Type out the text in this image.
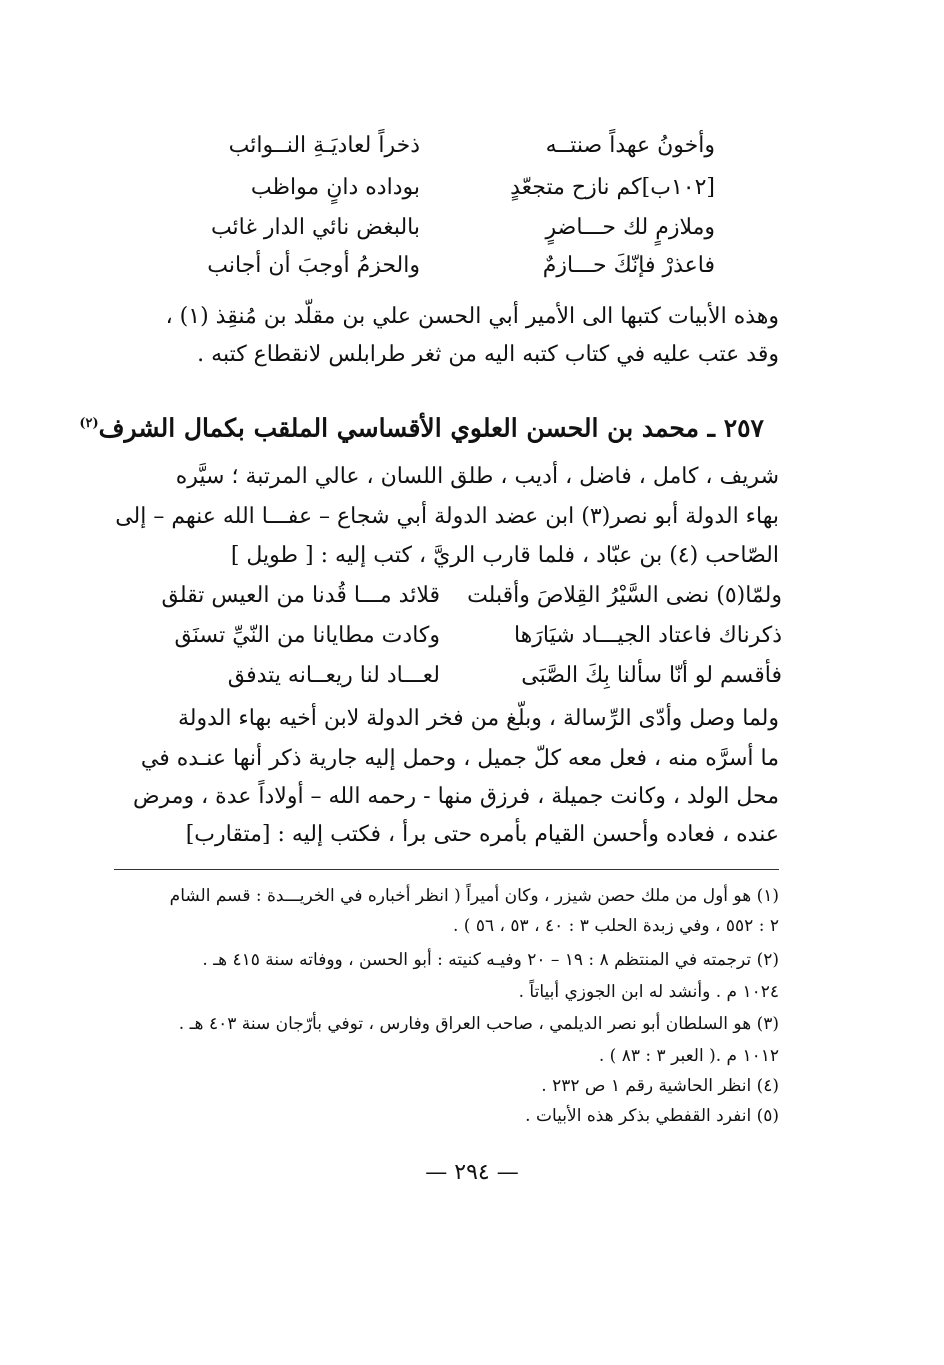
وأخونُ عهداً صنتــه
ذخراً لعاديَـةِ النــوائب
[١٠٢ب]كم نازح متجعّدٍ
بوداده دانٍ مواظب
وملازمٍ لك حـــاضرٍ
بالبغض نائي الدار غائب
فاعذرْ فإنّكَ حـــازمٌ
والحزمُ أوجبَ أن أجانب
وهذه الأبيات كتبها الى الأمير أبي الحسن علي بن مقلّد بن مُنقِذ (١) ،
وقد عتب عليه في كتاب كتبه اليه من ثغر طرابلس لانقطاع كتبه .
٢٥٧ ـ محمد بن الحسن العلوي الأقساسي الملقب بكمال الشرف$^{(٢)}$
شريف ، كامل ، فاضل ، أديب ، طلق اللسان ، عالي المرتبة ؛ سيَّره
بهاء الدولة أبو نصر(٣) ابن عضد الدولة أبي شجاع – عفـــا الله عنهم – إلى
الصّاحب (٤) بن عبّاد ، فلما قارب الريَّ ، كتب إليه : [ طويل ]
ولمّا(٥) نضى السَّيْرُ القِلاصَ وأقبلت
قلائد مـــا قُدنا من العيس تقلق
ذكرناك فاعتاد الجيـــاد شيَارَها
وكادت مطايانا من النّيِّ تسنَق
فأقسم لو أنّا سألنا بِكَ الصَّبَى
لعـــاد لنا ريعــانه يتدفق
ولما وصل وأدّى الرِّسالة ، وبلّغ من فخر الدولة لابن أخيه بهاء الدولة
ما أسرَّه منه ، فعل معه كلّ جميل ، وحمل إليه جارية ذكر أنها عنـده في
محل الولد ، وكانت جميلة ، فرزق منها - رحمه الله – أولاداً عدة ، ومرض
عنده ، فعاده وأحسن القيام بأمره حتى برأ ، فكتب إليه : [متقارب]
(١) هو أول من ملك حصن شيزر ، وكان أميراً ( انظر أخباره في الخريـــدة : قسم الشام
٢ : ٥٥٢ ، وفي زبدة الحلب ٣ : ٤٠ ، ٥٣ ، ٥٦ ) .
(٢) ترجمته في المنتظم ٨ : ١٩ – ٢٠ وفيـه كنيته : أبو الحسن ، ووفاته سنة ٤١٥ هـ .
١٠٢٤ م . وأنشد له ابن الجوزي أبياتاً .
(٣) هو السلطان أبو نصر الديلمي ، صاحب العراق وفارس ، توفي بأرّجان سنة ٤٠٣ هـ .
١٠١٢ م .( العبر ٣ : ٨٣ ) .
(٤) انظر الحاشية رقم ١ ص ٢٣٢ .
(٥) انفرد القفطي بذكر هذه الأبيات .
— ٢٩٤ —
